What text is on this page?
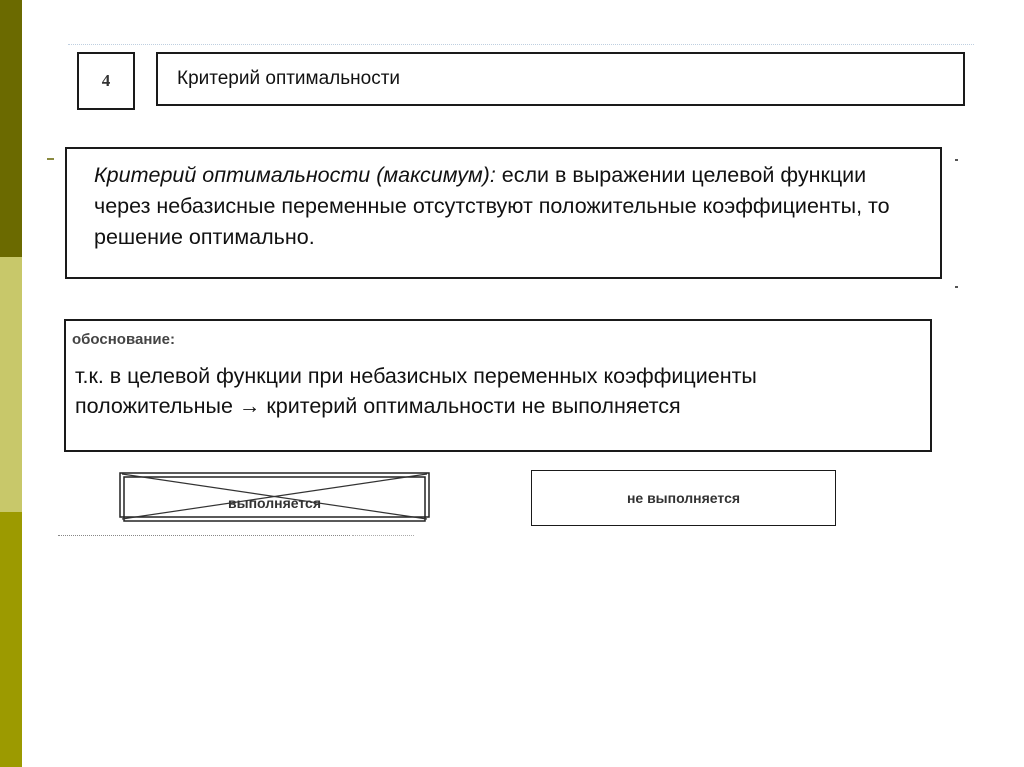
4	Критерий оптимальности
Критерий оптимальности (максимум): если в выражении целевой функции через небазисные переменные отсутствуют положительные коэффициенты, то решение оптимально.
обоснование:
т.к. в целевой функции при небазисных переменных коэффициенты
положительные → критерий оптимальности не выполняется
выполняется	не выполняется
